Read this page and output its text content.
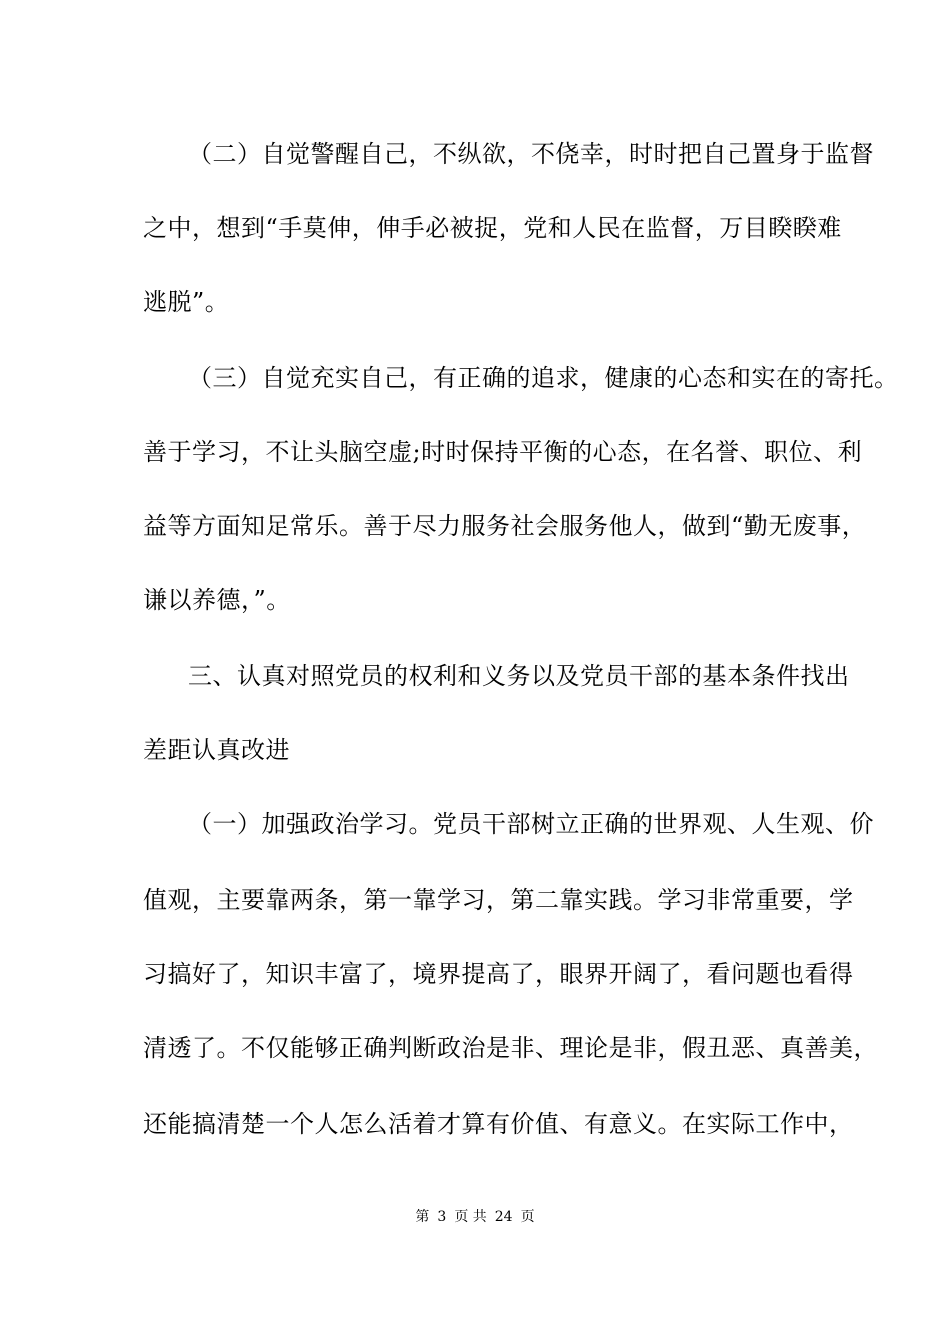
（二）自觉警醒自己，不纵欲，不侥幸，时时把自己置身于监督
之中，想到“手莫伸，伸手必被捉，党和人民在监督，万目睽睽难
逃脱”。
（三）自觉充实自己，有正确的追求，健康的心态和实在的寄托。
善于学习，不让头脑空虚;时时保持平衡的心态，在名誉、职位、利
益等方面知足常乐。善于尽力服务社会服务他人，做到“勤无废事，
谦以养德，”。
三、认真对照党员的权利和义务以及党员干部的基本条件找出
差距认真改进
（一）加强政治学习。党员干部树立正确的世界观、人生观、价
值观，主要靠两条，第一靠学习，第二靠实践。学习非常重要，学
习搞好了，知识丰富了，境界提高了，眼界开阔了，看问题也看得
清透了。不仅能够正确判断政治是非、理论是非，假丑恶、真善美，
还能搞清楚一个人怎么活着才算有价值、有意义。在实际工作中，
第 3 页 共 24 页
